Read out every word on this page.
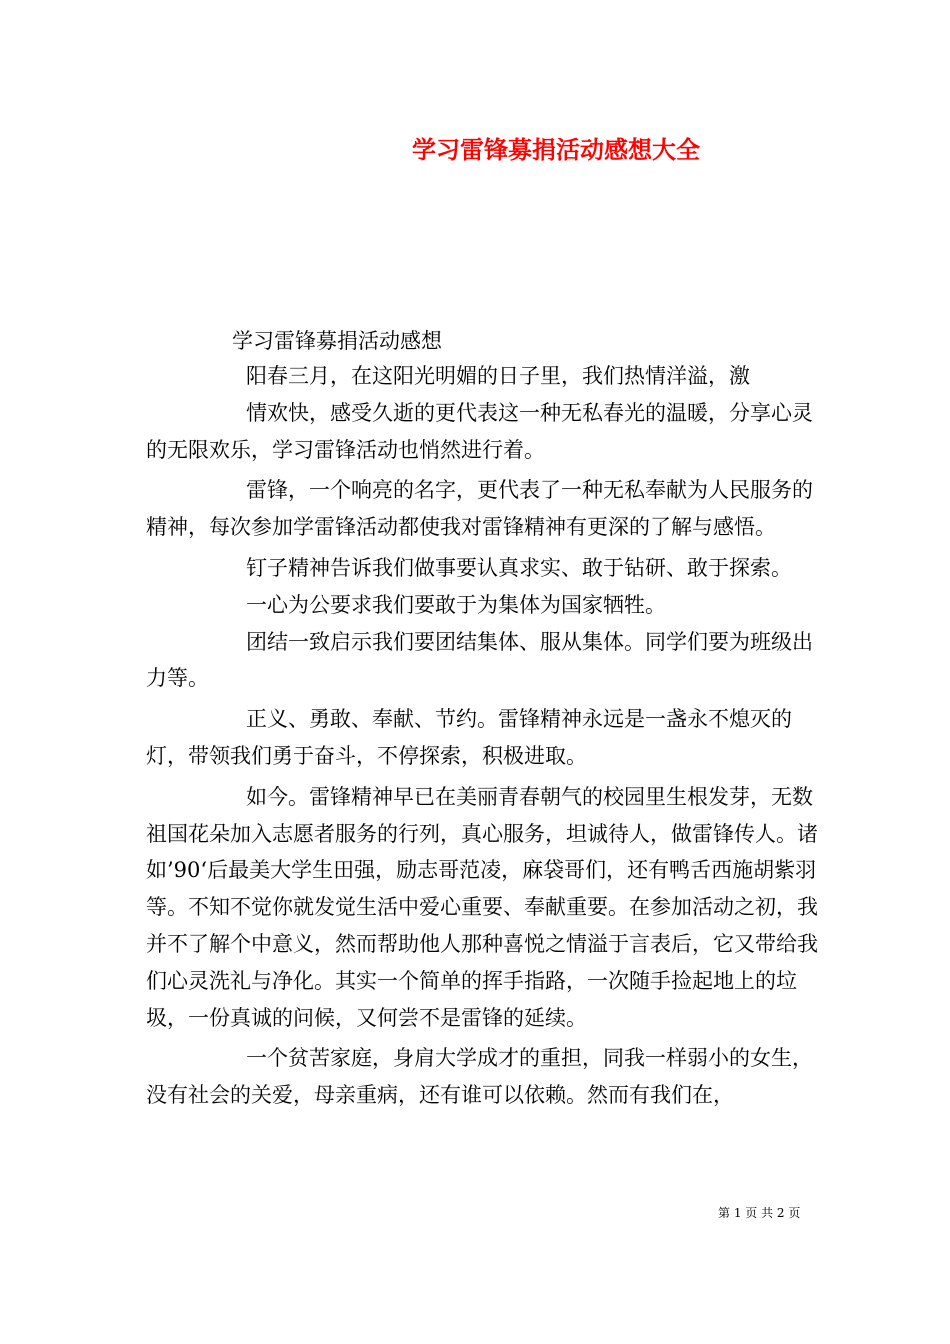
学习雷锋募捐活动感想大全

学习雷锋募捐活动感想

阳春三月，在这阳光明媚的日子里，我们热情洋溢，激
情欢快，感受久逝的更代表这一种无私春光的温暖，分享心灵的无限欢乐，学习雷锋活动也悄然进行着。

雷锋，一个响亮的名字，更代表了一种无私奉献为人民服务的精神，每次参加学雷锋活动都使我对雷锋精神有更深的了解与感悟。

钉子精神告诉我们做事要认真求实、敢于钻研、敢于探索。

一心为公要求我们要敢于为集体为国家牺牲。

团结一致启示我们要团结集体、服从集体。同学们要为班级出力等。

正义、勇敢、奉献、节约。雷锋精神永远是一盏永不熄灭的灯，带领我们勇于奋斗，不停探索，积极进取。

如今。雷锋精神早已在美丽青春朝气的校园里生根发芽，无数祖国花朵加入志愿者服务的行列，真心服务，坦诚待人，做雷锋传人。诸如’90‘后最美大学生田强，励志哥范凌，麻袋哥们，还有鸭舌西施胡紫羽等。不知不觉你就发觉生活中爱心重要、奉献重要。在参加活动之初，我并不了解个中意义，然而帮助他人那种喜悦之情溢于言表后，它又带给我们心灵洗礼与净化。其实一个简单的挥手指路，一次随手捡起地上的垃圾，一份真诚的问候，又何尝不是雷锋的延续。

一个贫苦家庭，身肩大学成才的重担，同我一样弱小的女生，没有社会的关爱，母亲重病，还有谁可以依赖。然而有我们在，

第 1 页 共 2 页
